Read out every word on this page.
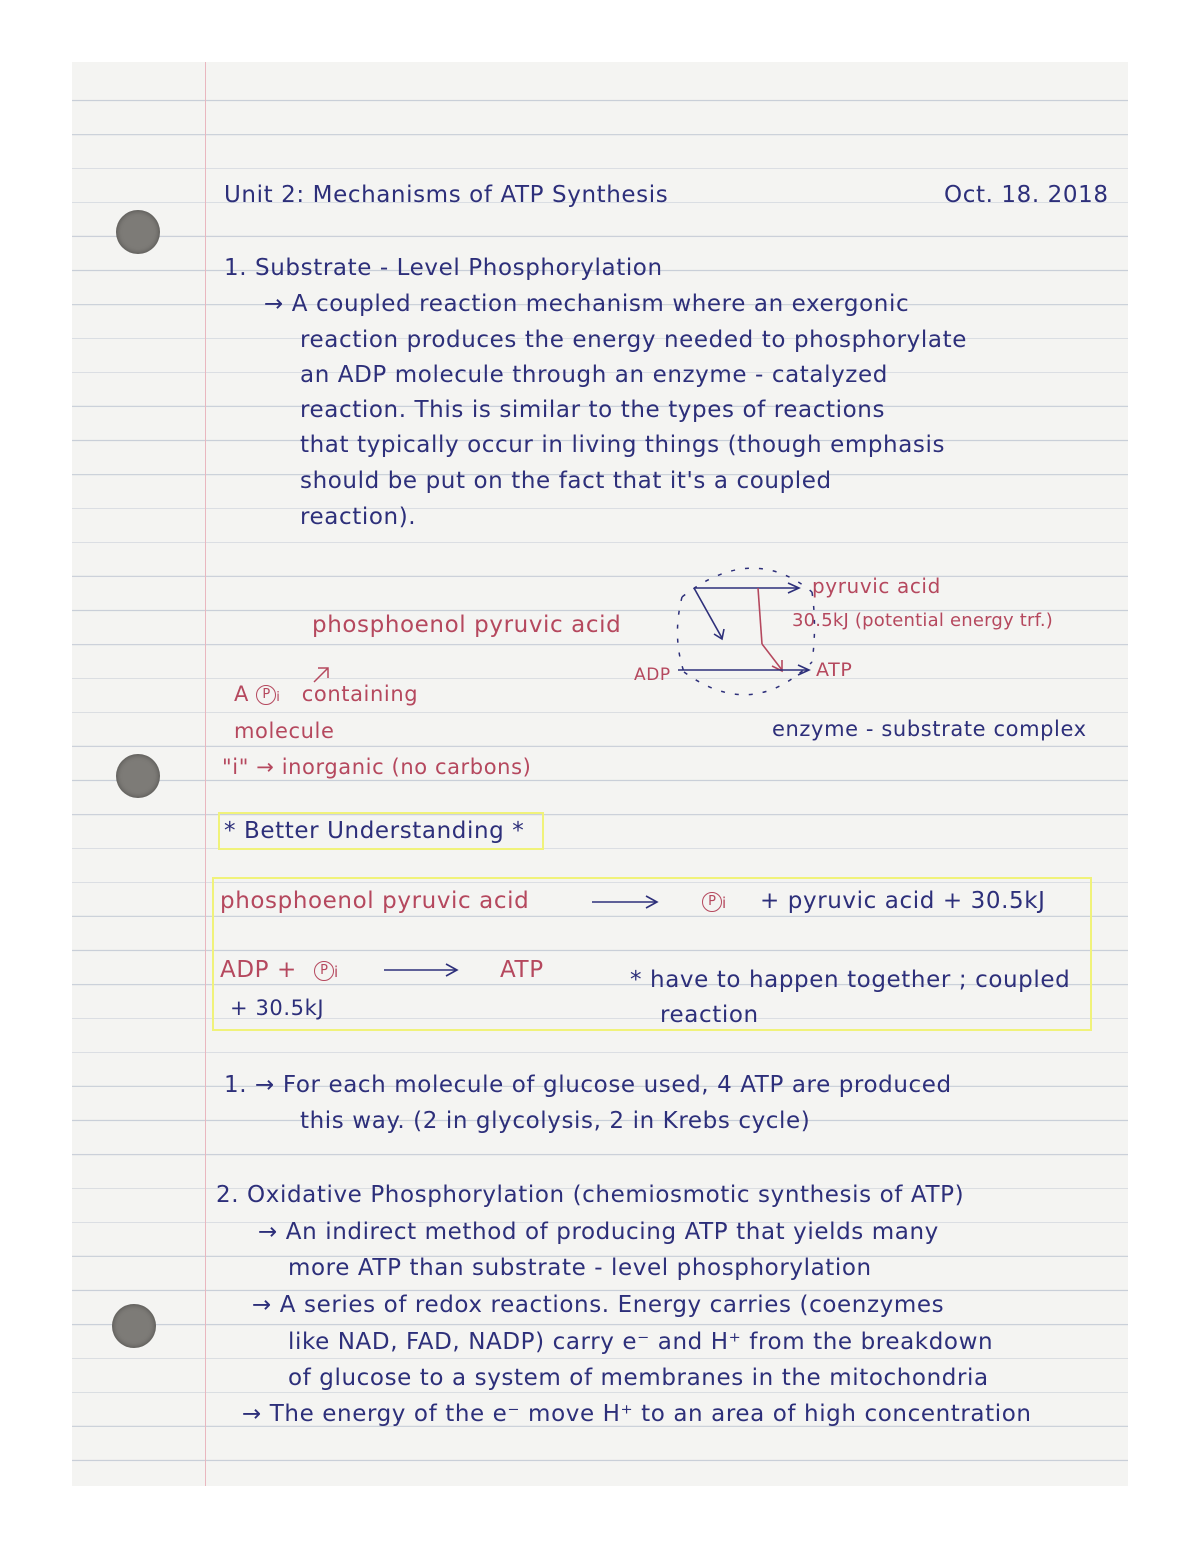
Unit 2: Mechanisms of ATP Synthesis	Oct. 18. 2018
1. Substrate - Level Phosphorylation
→ A coupled reaction mechanism where an exergonic
reaction produces the energy needed to phosphorylate
an ADP molecule through an enzyme - catalyzed
reaction. This is similar to the types of reactions
that typically occur in living things (though emphasis
should be put on the fact that it's a coupled
reaction).
phosphoenol pyruvic acid
pyruvic acid
30.5kJ (potential energy trf.)
ADP	ATP
enzyme - substrate complex
A P i containing
molecule
"i" → inorganic (no carbons)
* Better Understanding *
phosphoenol pyruvic acid	P i + pyruvic acid + 30.5kJ
ADP +	P i	ATP
+ 30.5kJ
* have to happen together ; coupled
reaction
1. → For each molecule of glucose used, 4 ATP are produced
this way. (2 in glycolysis, 2 in Krebs cycle)
2. Oxidative Phosphorylation (chemiosmotic synthesis of ATP)
→ An indirect method of producing ATP that yields many
more ATP than substrate - level phosphorylation
→ A series of redox reactions. Energy carries (coenzymes
like NAD, FAD, NADP) carry e⁻ and H⁺ from the breakdown
of glucose to a system of membranes in the mitochondria
→ The energy of the e⁻ move H⁺ to an area of high concentration
